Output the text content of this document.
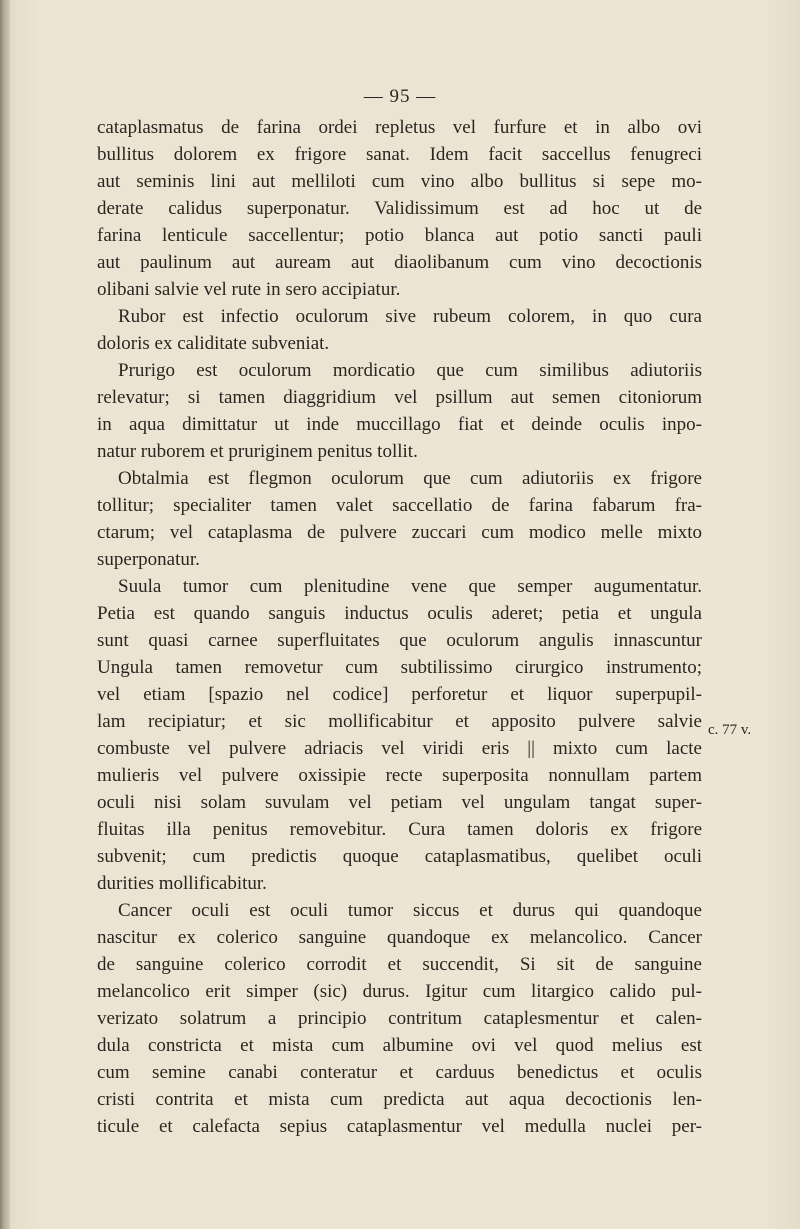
— 95 —
cataplasmatus de farina ordei repletus vel furfure et in albo ovi
bullitus dolorem ex frigore sanat. Idem facit saccellus fenugreci
aut seminis lini aut melliloti cum vino albo bullitus si sepe mo-
derate calidus superponatur. Validissimum est ad hoc ut de
farina lenticule saccellentur; potio blanca aut potio sancti pauli
aut paulinum aut auream aut diaolibanum cum vino decoctionis
olibani salvie vel rute in sero accipiatur.
Rubor est infectio oculorum sive rubeum colorem, in quo cura
doloris ex caliditate subveniat.
Prurigo est oculorum mordicatio que cum similibus adiutoriis
relevatur; si tamen diaggridium vel psillum aut semen citoniorum
in aqua dimittatur ut inde muccillago fiat et deinde oculis inpo-
natur ruborem et pruriginem penitus tollit.
Obtalmia est flegmon oculorum que cum adiutoriis ex frigore
tollitur; specialiter tamen valet saccellatio de farina fabarum fra-
ctarum; vel cataplasma de pulvere zuccari cum modico melle mixto
superponatur.
Suula tumor cum plenitudine vene que semper augumentatur.
Petia est quando sanguis inductus oculis aderet; petia et ungula
sunt quasi carnee superfluitates que oculorum angulis innascuntur
Ungula tamen removetur cum subtilissimo cirurgico instrumento;
vel etiam [spazio nel codice] perforetur et liquor superpupil-
lam recipiatur; et sic mollificabitur et apposito pulvere salvie
combuste vel pulvere adriacis vel viridi eris || mixto cum lacte
mulieris vel pulvere oxissipie recte superposita nonnullam partem
oculi nisi solam suvulam vel petiam vel ungulam tangat super-
fluitas illa penitus removebitur. Cura tamen doloris ex frigore
subvenit; cum predictis quoque cataplasmatibus, quelibet oculi
durities mollificabitur.
Cancer oculi est oculi tumor siccus et durus qui quandoque
nascitur ex colerico sanguine quandoque ex melancolico. Cancer
de sanguine colerico corrodit et succendit, Si sit de sanguine
melancolico erit simper (sic) durus. Igitur cum litargico calido pul-
verizato solatrum a principio contritum cataplesmentur et calen-
dula constricta et mista cum albumine ovi vel quod melius est
cum semine canabi conteratur et carduus benedictus et oculis
cristi contrita et mista cum predicta aut aqua decoctionis len-
ticule et calefacta sepius cataplasmentur vel medulla nuclei per-
c. 77 v.
